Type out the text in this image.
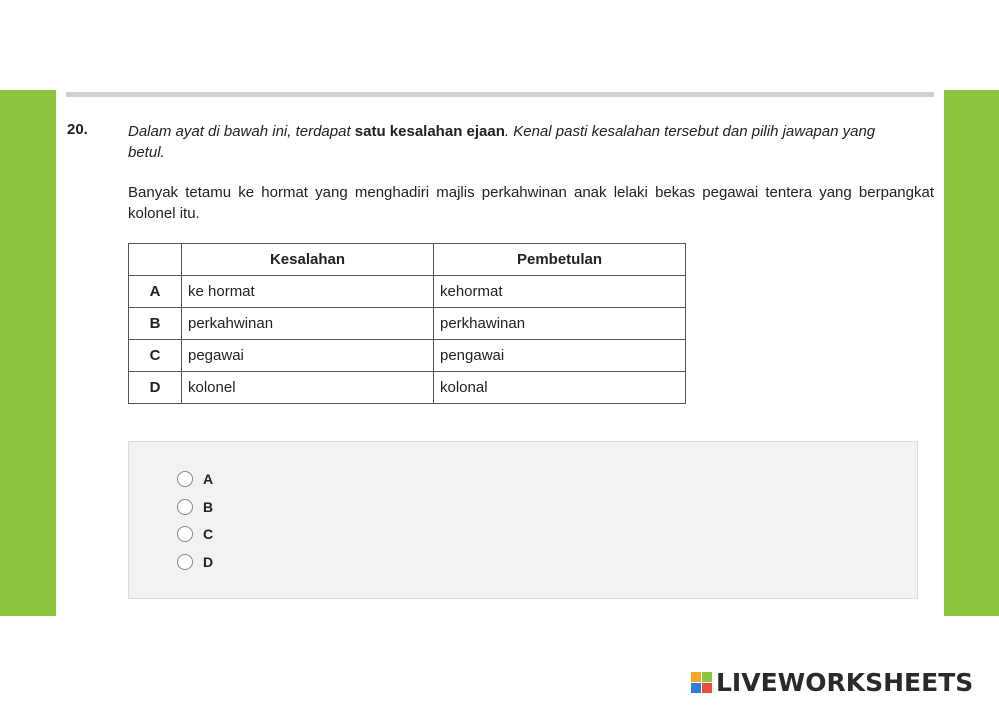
20.	Dalam ayat di bawah ini, terdapat satu kesalahan ejaan. Kenal pasti kesalahan tersebut dan pilih jawapan yang betul.
Banyak tetamu ke hormat yang menghadiri majlis perkahwinan anak lelaki bekas pegawai tentera yang berpangkat kolonel itu.
	Kesalahan	Pembetulan
A	ke hormat	kehormat
B	perkahwinan	perkhawinan
C	pegawai	pengawai
D	kolonel	kolonal
A
B
C
D
LIVEWORKSHEETS
